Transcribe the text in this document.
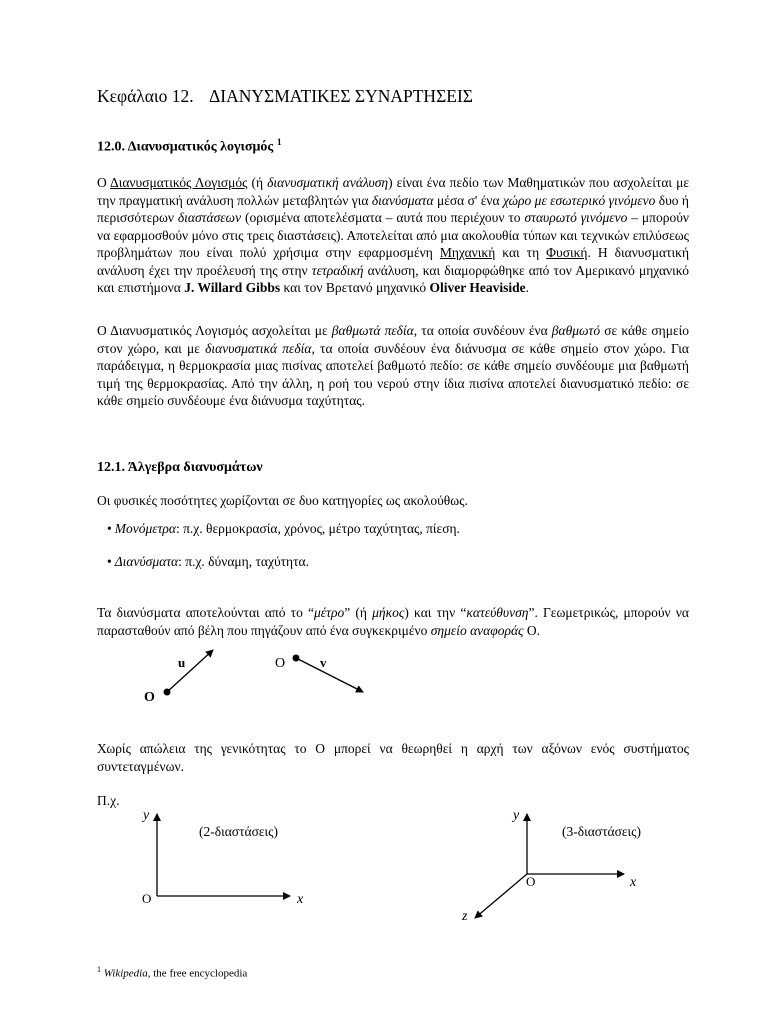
Κεφάλαιο 12. ΔΙΑΝΥΣΜΑΤΙΚΕΣ ΣΥΝΑΡΤΗΣΕΙΣ
12.0. Διανυσματικός λογισμός $^1$

Ο Διανυσματικός Λογισμός (ή διανυσματική ανάλυση) είναι ένα πεδίο των Μαθηματικών που ασχολείται με την πραγματική ανάλυση πολλών μεταβλητών για διανύσματα μέσα σ' ένα χώρο με εσωτερικό γινόμενο δυο ή περισσότερων διαστάσεων (ορισμένα αποτελέσματα – αυτά που περιέχουν το σταυρωτό γινόμενο – μπορούν να εφαρμοσθούν μόνο στις τρεις διαστάσεις). Αποτελείται από μια ακολουθία τύπων και τεχνικών επιλύσεως προβλημάτων που είναι πολύ χρήσιμα στην εφαρμοσμένη Μηχανική και τη Φυσική. Η διανυσματική ανάλυση έχει την προέλευσή της στην τετραδική ανάλυση, και διαμορφώθηκε από τον Αμερικανό μηχανικό και επιστήμονα J. Willard Gibbs και τον Βρετανό μηχανικό Oliver Heaviside.

Ο Διανυσματικός Λογισμός ασχολείται με βαθμωτά πεδία, τα οποία συνδέουν ένα βαθμωτό σε κάθε σημείο στον χώρο, και με διανυσματικά πεδία, τα οποία συνδέουν ένα διάνυσμα σε κάθε σημείο στον χώρο. Για παράδειγμα, η θερμοκρασία μιας πισίνας αποτελεί βαθμωτό πεδίο: σε κάθε σημείο συνδέουμε μια βαθμωτή τιμή της θερμοκρασίας. Από την άλλη, η ροή του νερού στην ίδια πισίνα αποτελεί διανυσματικό πεδίο: σε κάθε σημείο συνδέουμε ένα διάνυσμα ταχύτητας.

12.1. Άλγεβρα διανυσμάτων

Οι φυσικές ποσότητες χωρίζονται σε δυο κατηγορίες ως ακολούθως.

• Μονόμετρα: π.χ. θερμοκρασία, χρόνος, μέτρο ταχύτητας, πίεση.
• Διανύσματα: π.χ. δύναμη, ταχύτητα.

Τα διανύσματα αποτελούνται από το “μέτρο” (ή μήκος) και την “κατεύθυνση”. Γεωμετρικώς, μπορούν να παρασταθούν από βέλη που πηγάζουν από ένα συγκεκριμένο σημείο αναφοράς Ο.

O
u	O	v

Χωρίς απώλεια της γενικότητας το Ο μπορεί να θεωρηθεί η αρχή των αξόνων ενός συστήματος συντεταγμένων.

Π.χ.

y
x
O
(2-διαστάσεις)
y
x
z
O
(3-διαστάσεις)
$^1$ Wikipedia, the free encyclopedia
